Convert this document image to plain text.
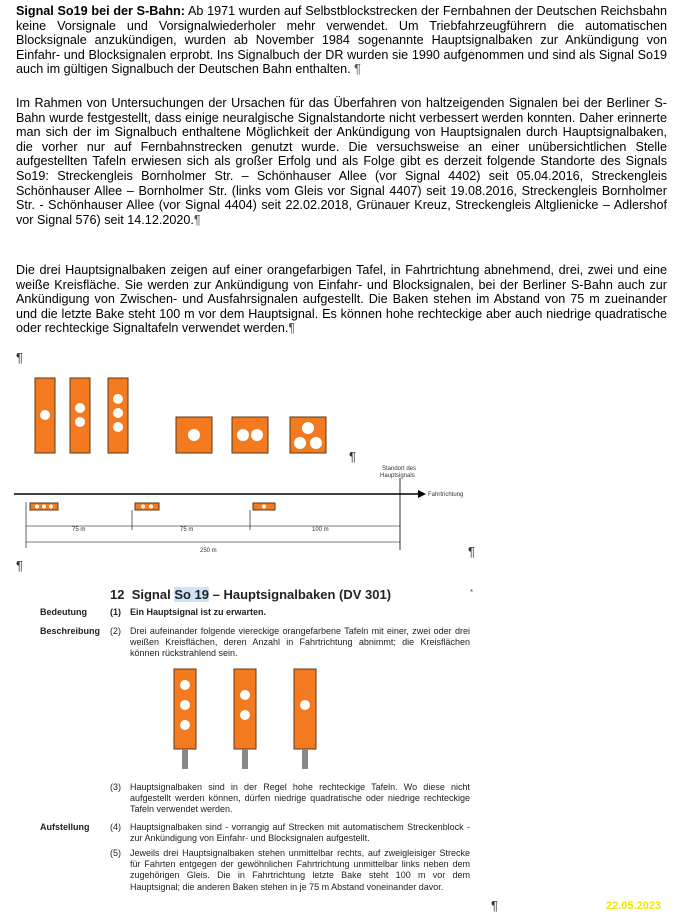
Signal So19 bei der S-Bahn: Ab 1971 wurden auf Selbstblockstrecken der Fernbahnen der Deutschen Reichsbahn keine Vorsignale und Vorsignalwiederholer mehr verwendet. Um Triebfahrzeugführern die automatischen Blocksignale anzukündigen, wurden ab November 1984 sogenannte Hauptsignalbaken zur Ankündigung von Einfahr- und Blocksignalen erprobt. Ins Signalbuch der DR wurden sie 1990 aufgenommen und sind als Signal So19 auch im gültigen Signalbuch der Deutschen Bahn enthalten. ¶

Im Rahmen von Untersuchungen der Ursachen für das Überfahren von haltzeigenden Signalen bei der Berliner S-Bahn wurde festgestellt, dass einige neuralgische Signalstandorte nicht verbessert werden konnten. Daher erinnerte man sich der im Signalbuch enthaltene Möglichkeit der Ankündigung von Hauptsignalen durch Hauptsignalbaken, die vorher nur auf Fernbahnstrecken genutzt wurde. Die versuchsweise an einer unübersichtlichen Stelle aufgestellten Tafeln erwiesen sich als großer Erfolg und als Folge gibt es derzeit folgende Standorte des Signals So19: Streckengleis Bornholmer Str. – Schönhauser Allee (vor Signal 4402) seit 05.04.2016, Streckengleis Schönhauser Allee – Bornholmer Str. (links vom Gleis vor Signal 4407) seit 19.08.2016, Streckengleis Bornholmer Str. - Schönhauser Allee (vor Signal 4404) seit 22.02.2018, Grünauer Kreuz, Streckengleis Altglienicke – Adlershof vor Signal 576) seit 14.12.2020.¶

Die drei Hauptsignalbaken zeigen auf einer orangefarbigen Tafel, in Fahrtrichtung abnehmend, drei, zwei und eine weiße Kreisfläche. Sie werden zur Ankündigung von Einfahr- und Blocksignalen, bei der Berliner S-Bahn auch zur Ankündigung von Zwischen- und Ausfahrsignalen aufgestellt. Die Baken stehen im Abstand von 75 m zueinander und die letzte Bake steht 100 m vor dem Hauptsignal. Es können hohe rechteckige aber auch niedrige quadratische oder rechteckige Signaltafeln verwendet werden.¶

¶
¶
¶
¶
¶
Fahrtrichtung
Standort des
Hauptsignals
75 m	75 m	100 m
250 m
12 Signal So 19 – Hauptsignalbaken (DV 301)	*
Bedeutung	(1) Ein Hauptsignal ist zu erwarten.
Beschreibung (2) Drei aufeinander folgende viereckige orangefarbene Tafeln mit einer, zwei oder drei weißen Kreisflächen, deren Anzahl in Fahrtrichtung abnimmt; die Kreisflächen können rückstrahlend sein.
(3) Hauptsignalbaken sind in der Regel hohe rechteckige Tafeln. Wo diese nicht aufgestellt werden können, dürfen niedrige quadratische oder niedrige rechteckige Tafeln verwendet werden.
Aufstellung (4) Hauptsignalbaken sind - vorrangig auf Strecken mit automatischem Streckenblock - zur Ankündigung von Einfahr- und Blocksignalen aufgestellt.
(5) Jeweils drei Hauptsignalbaken stehen unmittelbar rechts, auf zweigleisiger Strecke für Fahrten entgegen der gewöhnlichen Fahrtrichtung unmittelbar links neben dem zugehörigen Gleis. Die in Fahrtrichtung letzte Bake steht 100 m vor dem Hauptsignal; die anderen Baken stehen in je 75 m Abstand voneinander davor.
22.05.2023
